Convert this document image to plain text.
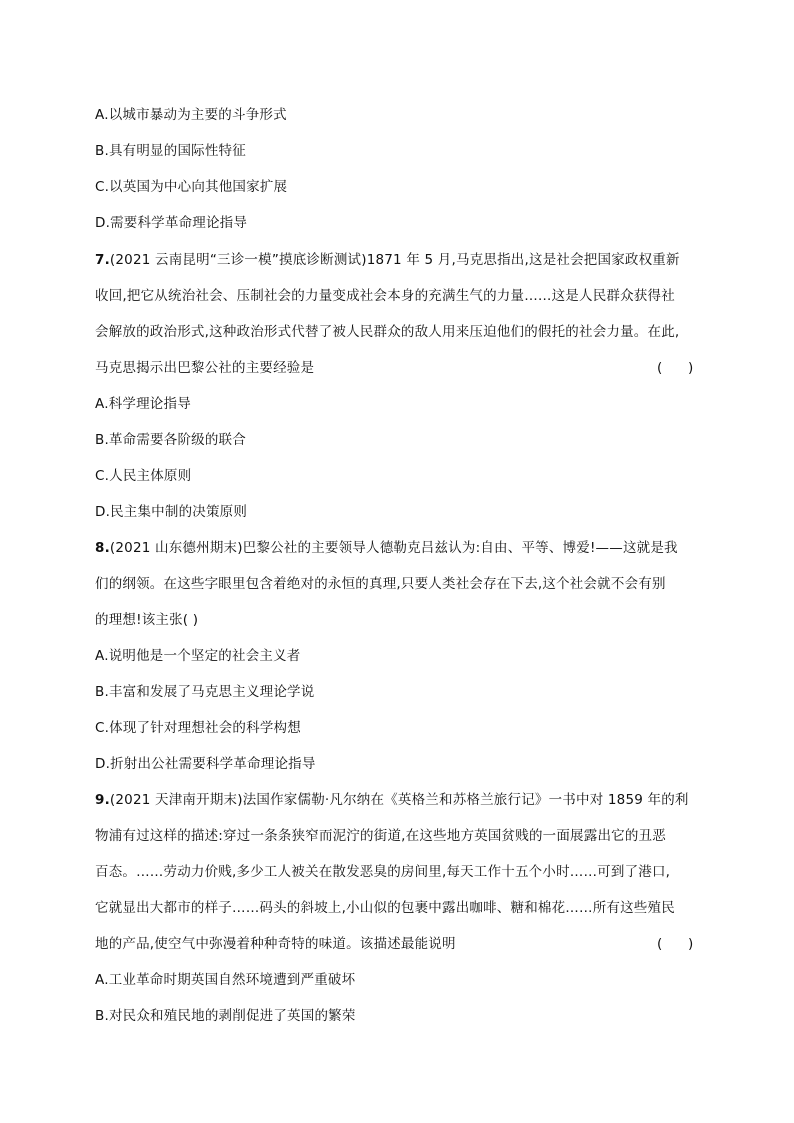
A.以城市暴动为主要的斗争形式
B.具有明显的国际性特征
C.以英国为中心向其他国家扩展
D.需要科学革命理论指导
7.(2021 云南昆明“三诊一模”摸底诊断测试)1871 年 5 月,马克思指出,这是社会把国家政权重新
收回,把它从统治社会、压制社会的力量变成社会本身的充满生气的力量……这是人民群众获得社
会解放的政治形式,这种政治形式代替了被人民群众的敌人用来压迫他们的假托的社会力量。在此,
马克思揭示出巴黎公社的主要经验是	(      )
A.科学理论指导
B.革命需要各阶级的联合
C.人民主体原则
D.民主集中制的决策原则
8.(2021 山东德州期末)巴黎公社的主要领导人德勒克吕兹认为:自由、平等、博爱!——这就是我
们的纲领。在这些字眼里包含着绝对的永恒的真理,只要人类社会存在下去,这个社会就不会有别
的理想!该主张( )
A.说明他是一个坚定的社会主义者
B.丰富和发展了马克思主义理论学说
C.体现了针对理想社会的科学构想
D.折射出公社需要科学革命理论指导
9.(2021 天津南开期末)法国作家儒勒·凡尔纳在《英格兰和苏格兰旅行记》一书中对 1859 年的利
物浦有过这样的描述:穿过一条条狭窄而泥泞的街道,在这些地方英国贫贱的一面展露出它的丑恶
百态。……劳动力价贱,多少工人被关在散发恶臭的房间里,每天工作十五个小时……可到了港口,
它就显出大都市的样子……码头的斜坡上,小山似的包裹中露出咖啡、糖和棉花……所有这些殖民
地的产品,使空气中弥漫着种种奇特的味道。该描述最能说明	(      )
A.工业革命时期英国自然环境遭到严重破坏
B.对民众和殖民地的剥削促进了英国的繁荣
